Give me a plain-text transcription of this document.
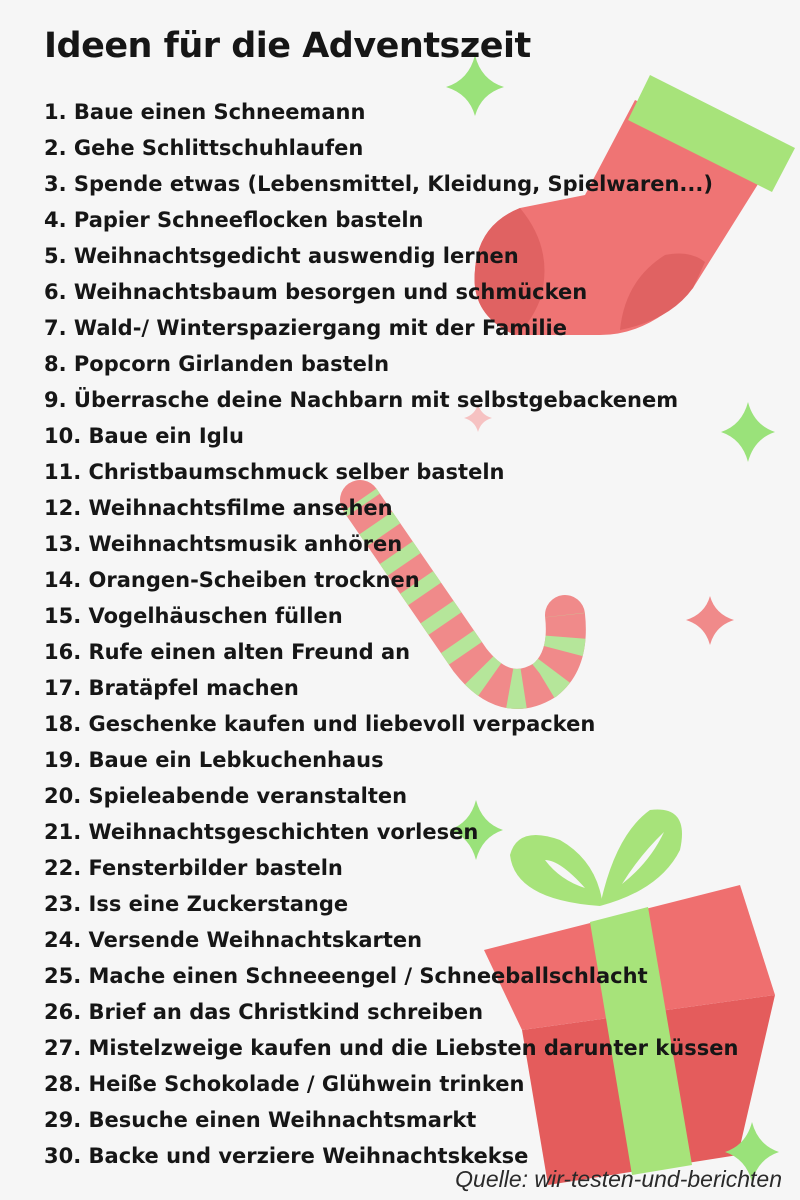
Ideen für die Adventszeit
1. Baue einen Schneemann
2. Gehe Schlittschuhlaufen
3. Spende etwas (Lebensmittel, Kleidung, Spielwaren...)
4. Papier Schneeflocken basteln
5. Weihnachtsgedicht auswendig lernen
6. Weihnachtsbaum besorgen und schmücken
7. Wald-/ Winterspaziergang mit der Familie
8. Popcorn Girlanden basteln
9. Überrasche deine Nachbarn mit selbstgebackenem
10. Baue ein Iglu
11. Christbaumschmuck selber basteln
12. Weihnachtsfilme ansehen
13. Weihnachtsmusik anhören
14. Orangen-Scheiben trocknen
15. Vogelhäuschen füllen
16. Rufe einen alten Freund an
17. Bratäpfel machen
18. Geschenke kaufen und liebevoll verpacken
19. Baue ein Lebkuchenhaus
20. Spieleabende veranstalten
21. Weihnachtsgeschichten vorlesen
22. Fensterbilder basteln
23. Iss eine Zuckerstange
24. Versende Weihnachtskarten
25. Mache einen Schneeengel / Schneeballschlacht
26. Brief an das Christkind schreiben
27. Mistelzweige kaufen und die Liebsten darunter küssen
28. Heiße Schokolade / Glühwein trinken
29. Besuche einen Weihnachtsmarkt
30. Backe und verziere Weihnachtskekse
Quelle: wir-testen-und-berichten
